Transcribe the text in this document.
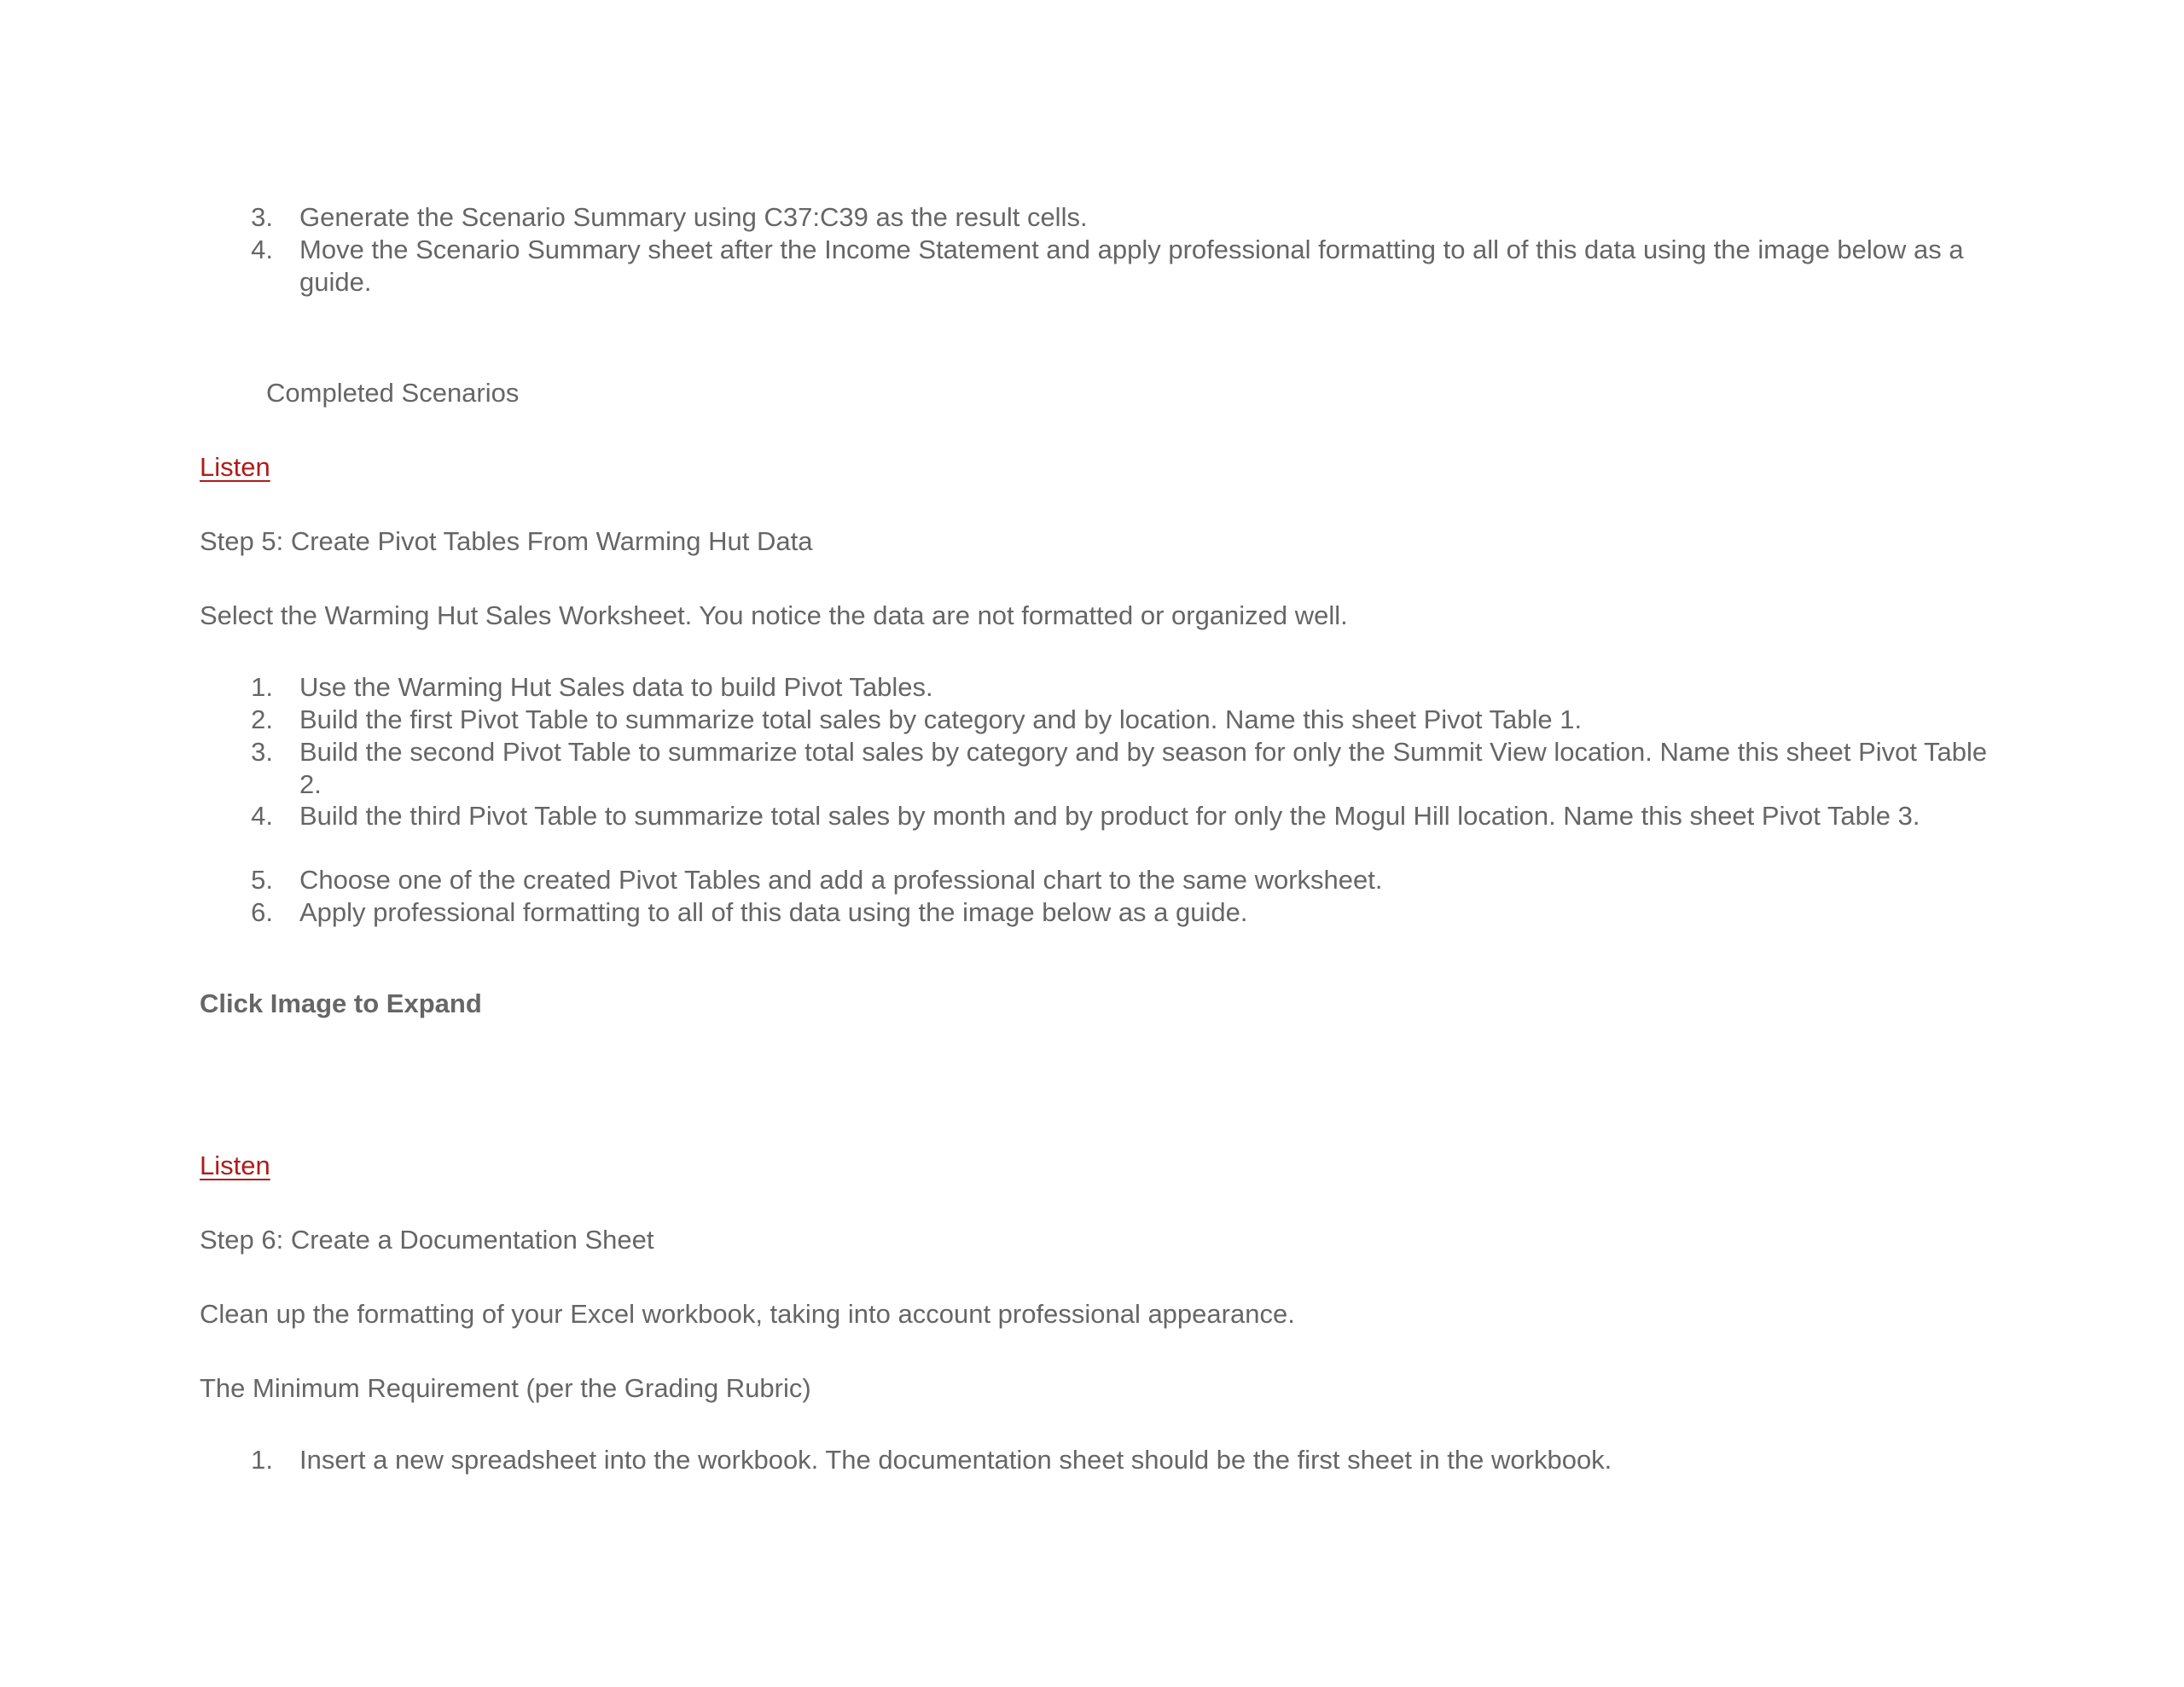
3. Generate the Scenario Summary using C37:C39 as the result cells.
4. Move the Scenario Summary sheet after the Income Statement and apply professional formatting to all of this data using the image below as a guide.
Completed Scenarios
Listen
Step 5: Create Pivot Tables From Warming Hut Data
Select the Warming Hut Sales Worksheet. You notice the data are not formatted or organized well.
1. Use the Warming Hut Sales data to build Pivot Tables.
2. Build the first Pivot Table to summarize total sales by category and by location. Name this sheet Pivot Table 1.
3. Build the second Pivot Table to summarize total sales by category and by season for only the Summit View location. Name this sheet Pivot Table 2.
4. Build the third Pivot Table to summarize total sales by month and by product for only the Mogul Hill location. Name this sheet Pivot Table 3.
5. Choose one of the created Pivot Tables and add a professional chart to the same worksheet.
6. Apply professional formatting to all of this data using the image below as a guide.
Click Image to Expand
Listen
Step 6: Create a Documentation Sheet
Clean up the formatting of your Excel workbook, taking into account professional appearance.
The Minimum Requirement (per the Grading Rubric)
1. Insert a new spreadsheet into the workbook. The documentation sheet should be the first sheet in the workbook.
